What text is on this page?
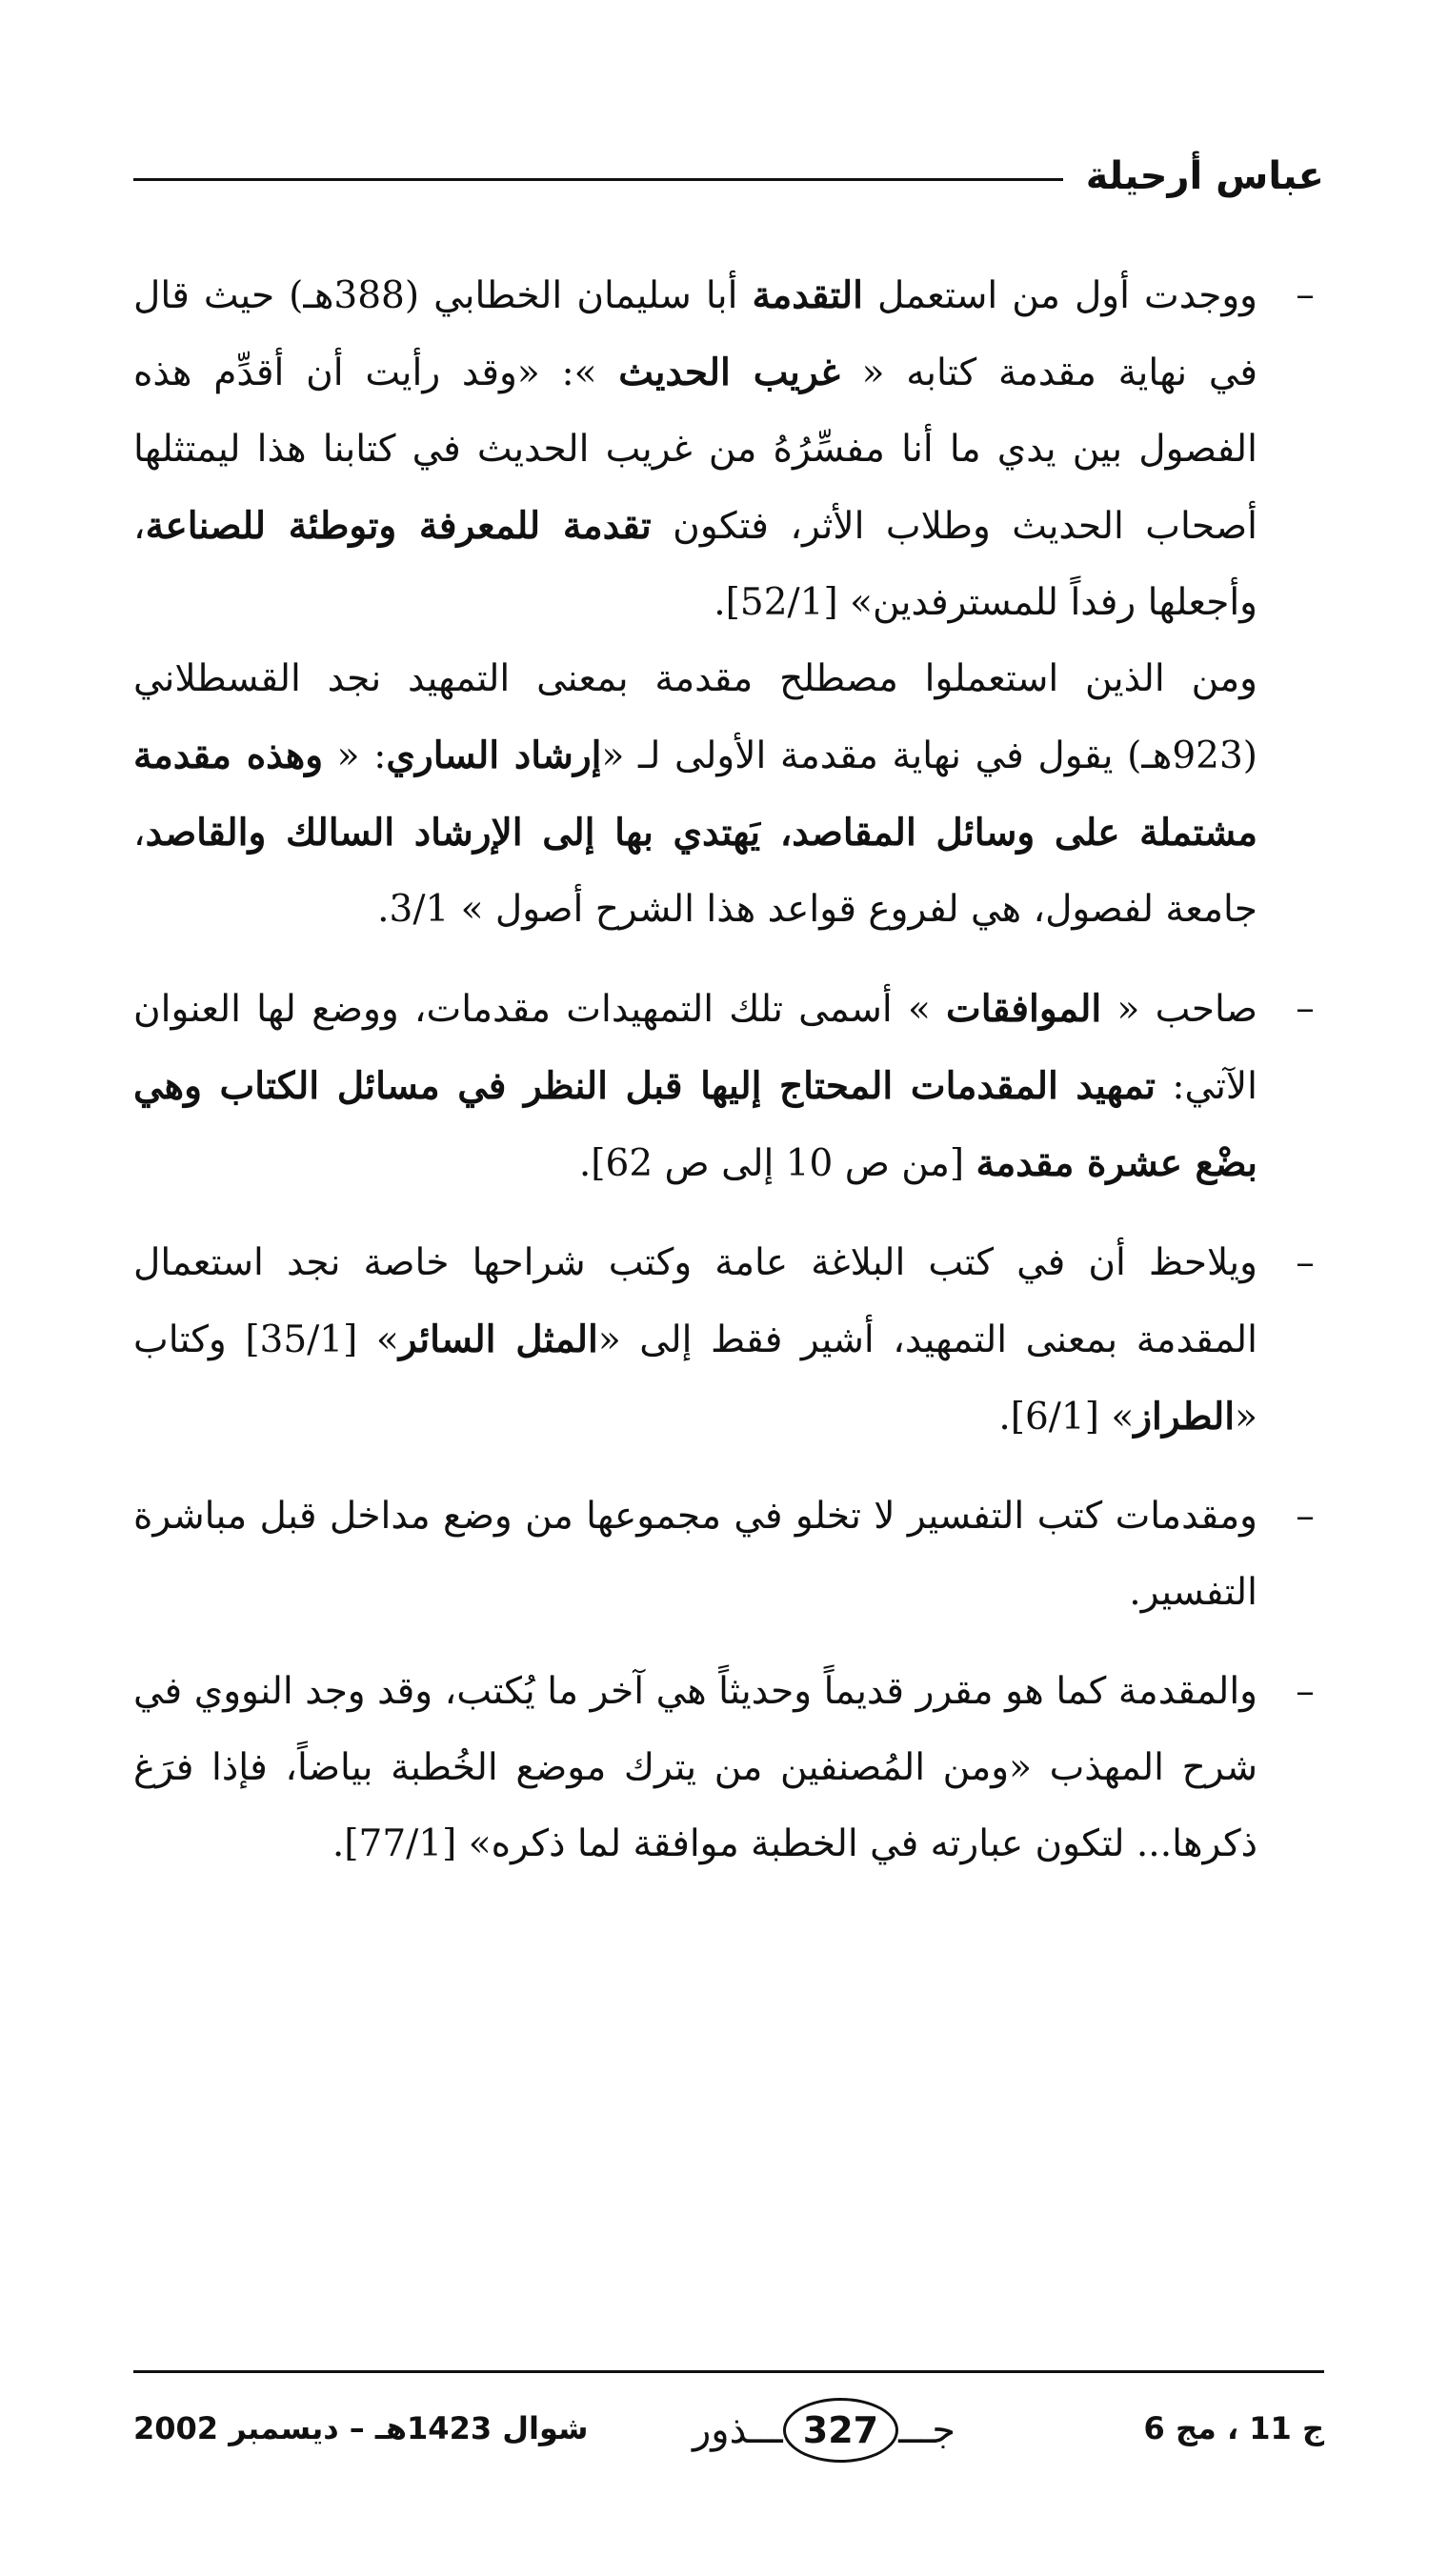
عباس أرحيلة
–

ووجدت أول من استعمل التقدمة أبا سليمان الخطابي (388هـ) حيث قال في نهاية مقدمة كتابه « غريب الحديث »: «وقد رأيت أن أقدِّم هذه الفصول بين يدي ما أنا مفسِّرُهُ من غريب الحديث في كتابنا هذا ليمتثلها أصحاب الحديث وطلاب الأثر، فتكون تقدمة للمعرفة وتوطئة للصناعة، وأجعلها رفداً للمسترفدين» [52/1].

ومن الذين استعملوا مصطلح مقدمة بمعنى التمهيد نجد القسطلاني (923هـ) يقول في نهاية مقدمة الأولى لـ «إرشاد الساري: « وهذه مقدمة مشتملة على وسائل المقاصد، يَهتدي بها إلى الإرشاد السالك والقاصد، جامعة لفصول، هي لفروع قواعد هذا الشرح أصول » 3/1.

–

صاحب « الموافقات » أسمى تلك التمهيدات مقدمات، ووضع لها العنوان الآتي: تمهيد المقدمات المحتاج إليها قبل النظر في مسائل الكتاب وهي بضْع عشرة مقدمة [من ص 10 إلى ص 62].

–

ويلاحظ أن في كتب البلاغة عامة وكتب شراحها خاصة نجد استعمال المقدمة بمعنى التمهيد، أشير فقط إلى «المثل السائر» [35/1] وكتاب «الطراز» [6/1].

–

ومقدمات كتب التفسير لا تخلو في مجموعها من وضع مداخل قبل مباشرة التفسير.

–

والمقدمة كما هو مقرر قديماً وحديثاً هي آخر ما يُكتب، وقد وجد النووي في شرح المهذب «ومن المُصنفين من يترك موضع الخُطبة بياضاً، فإذا فرَغ ذكرها... لتكون عبارته في الخطبة موافقة لما ذكره» [77/1].

ج 11 ، مج 6
ـــذور 327 جـــ
شوال 1423هـ – ديسمبر 2002
